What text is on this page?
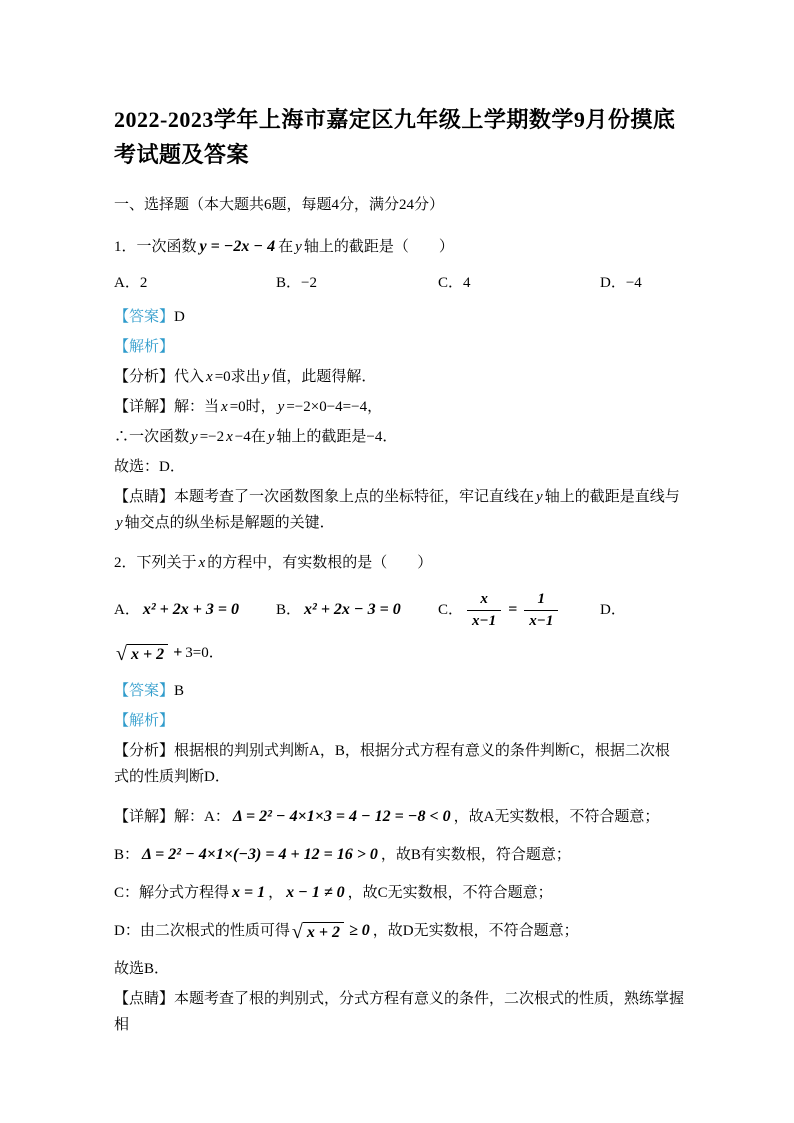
2022-2023学年上海市嘉定区九年级上学期数学9月份摸底
考试题及答案
一、选择题（本大题共6题，每题4分，满分24分）
1．一次函数 y = −2x − 4 在 y 轴上的截距是（　　）
A．2	B．−2	C．4	D．−4
【答案】D
【解析】
【分析】代入 x =0求出 y 值，此题得解．
【详解】解：当 x =0时， y =−2×0−4=−4，
∴一次函数 y =−2 x −4在 y 轴上的截距是−4．
故选：D．
【点睛】本题考查了一次函数图象上点的坐标特征，牢记直线在 y 轴上的截距是直线与y 轴交点的纵坐标是解题的关键．
2．下列关于 x 的方程中，有实数根的是（　　）
A． x² + 2x + 3 = 0 B． x² + 2x − 3 = 0 C． $\frac{x}{x-1} = \frac{1}{x-1}$	D．
√ x + 2 + 3=0．
【答案】B
【解析】
【分析】根据根的判别式判断A，B，根据分式方程有意义的条件判断C，根据二次根式的性质判断D．
【详解】解：A： Δ = 2² − 4×1×3 = 4 − 12 = −8 < 0 ，故A无实数根，不符合题意；
B： Δ = 2² − 4×1×(−3) = 4 + 12 = 16 > 0 ，故B有实数根，符合题意；
C：解分式方程得 x = 1 ， x − 1 ≠ 0 ，故C无实数根，不符合题意；
D：由二次根式的性质可得 √ x + 2 ≥ 0 ，故D无实数根，不符合题意；
故选B．
【点睛】本题考查了根的判别式，分式方程有意义的条件，二次根式的性质，熟练掌握相
